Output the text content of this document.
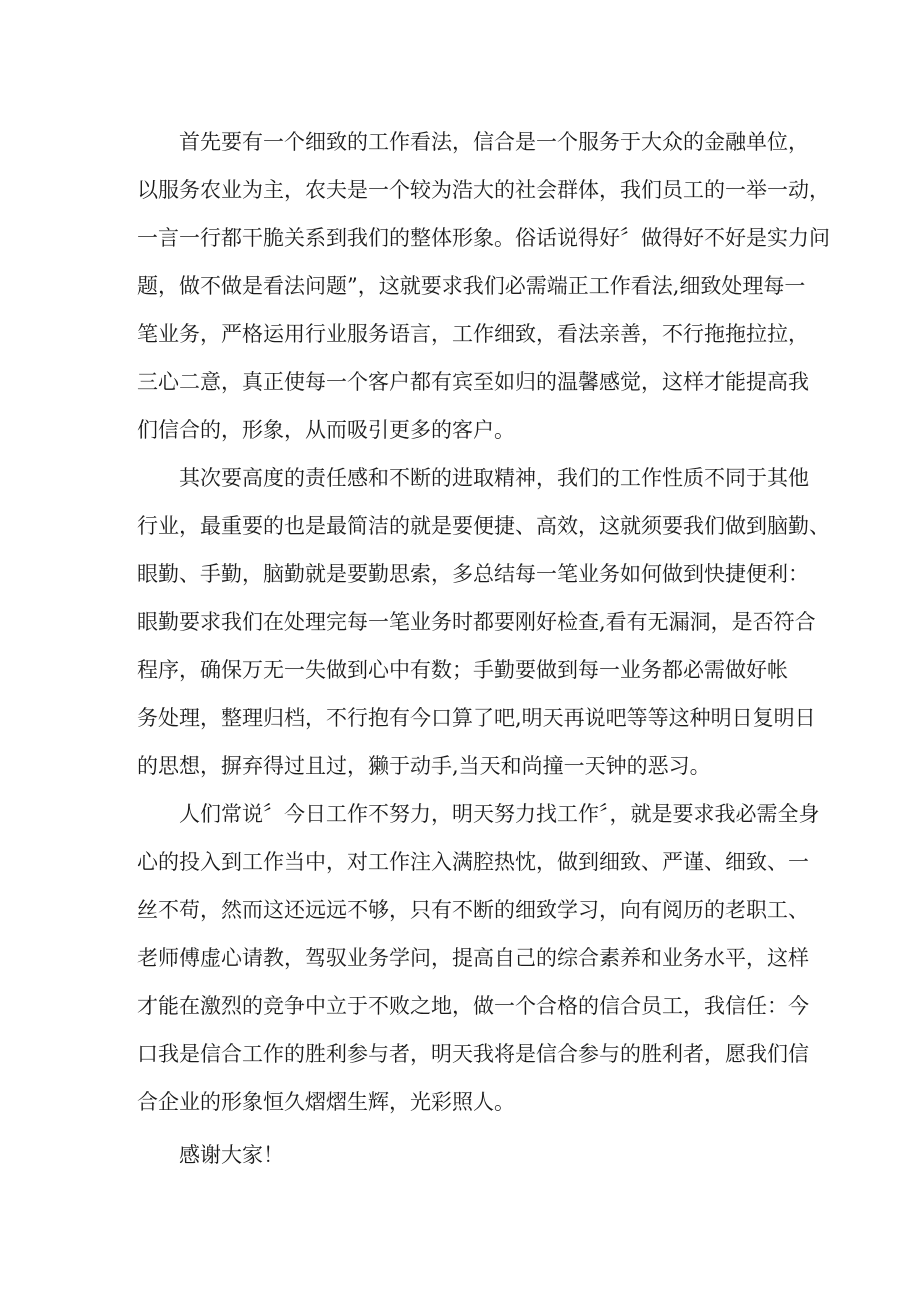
首先要有一个细致的工作看法，信合是一个服务于大众的金融单位，
以服务农业为主，农夫是一个较为浩大的社会群体，我们员工的一举一动，
一言一行都干脆关系到我们的整体形象。俗话说得好〞做得好不好是实力问
题，做不做是看法问题”，这就要求我们必需端正工作看法,细致处理每一
笔业务，严格运用行业服务语言，工作细致，看法亲善，不行拖拖拉拉，
三心二意，真正使每一个客户都有宾至如归的温馨感觉，这样才能提高我
们信合的，形象，从而吸引更多的客户。
其次要高度的责任感和不断的进取精神，我们的工作性质不同于其他
行业，最重要的也是最简洁的就是要便捷、高效，这就须要我们做到脑勤、
眼勤、手勤，脑勤就是要勤思索，多总结每一笔业务如何做到快捷便利：
眼勤要求我们在处理完每一笔业务时都要刚好检查,看有无漏洞，是否符合
程序，确保万无一失做到心中有数；手勤要做到每一业务都必需做好帐
务处理，整理归档，不行抱有今口算了吧,明天再说吧等等这种明日复明日
的思想，摒弃得过且过，獭于动手,当天和尚撞一天钟的恶习。
人们常说〞今日工作不努力，明天努力找工作〞，就是要求我必需全身
心的投入到工作当中，对工作注入满腔热忱，做到细致、严谨、细致、一
丝不苟，然而这还远远不够，只有不断的细致学习，向有阅历的老职工、
老师傅虚心请教，驾驭业务学问，提高自己的综合素养和业务水平，这样
才能在激烈的竞争中立于不败之地，做一个合格的信合员工，我信任：今
口我是信合工作的胜利参与者，明天我将是信合参与的胜利者，愿我们信
合企业的形象恒久熠熠生辉，光彩照人。
感谢大家！
